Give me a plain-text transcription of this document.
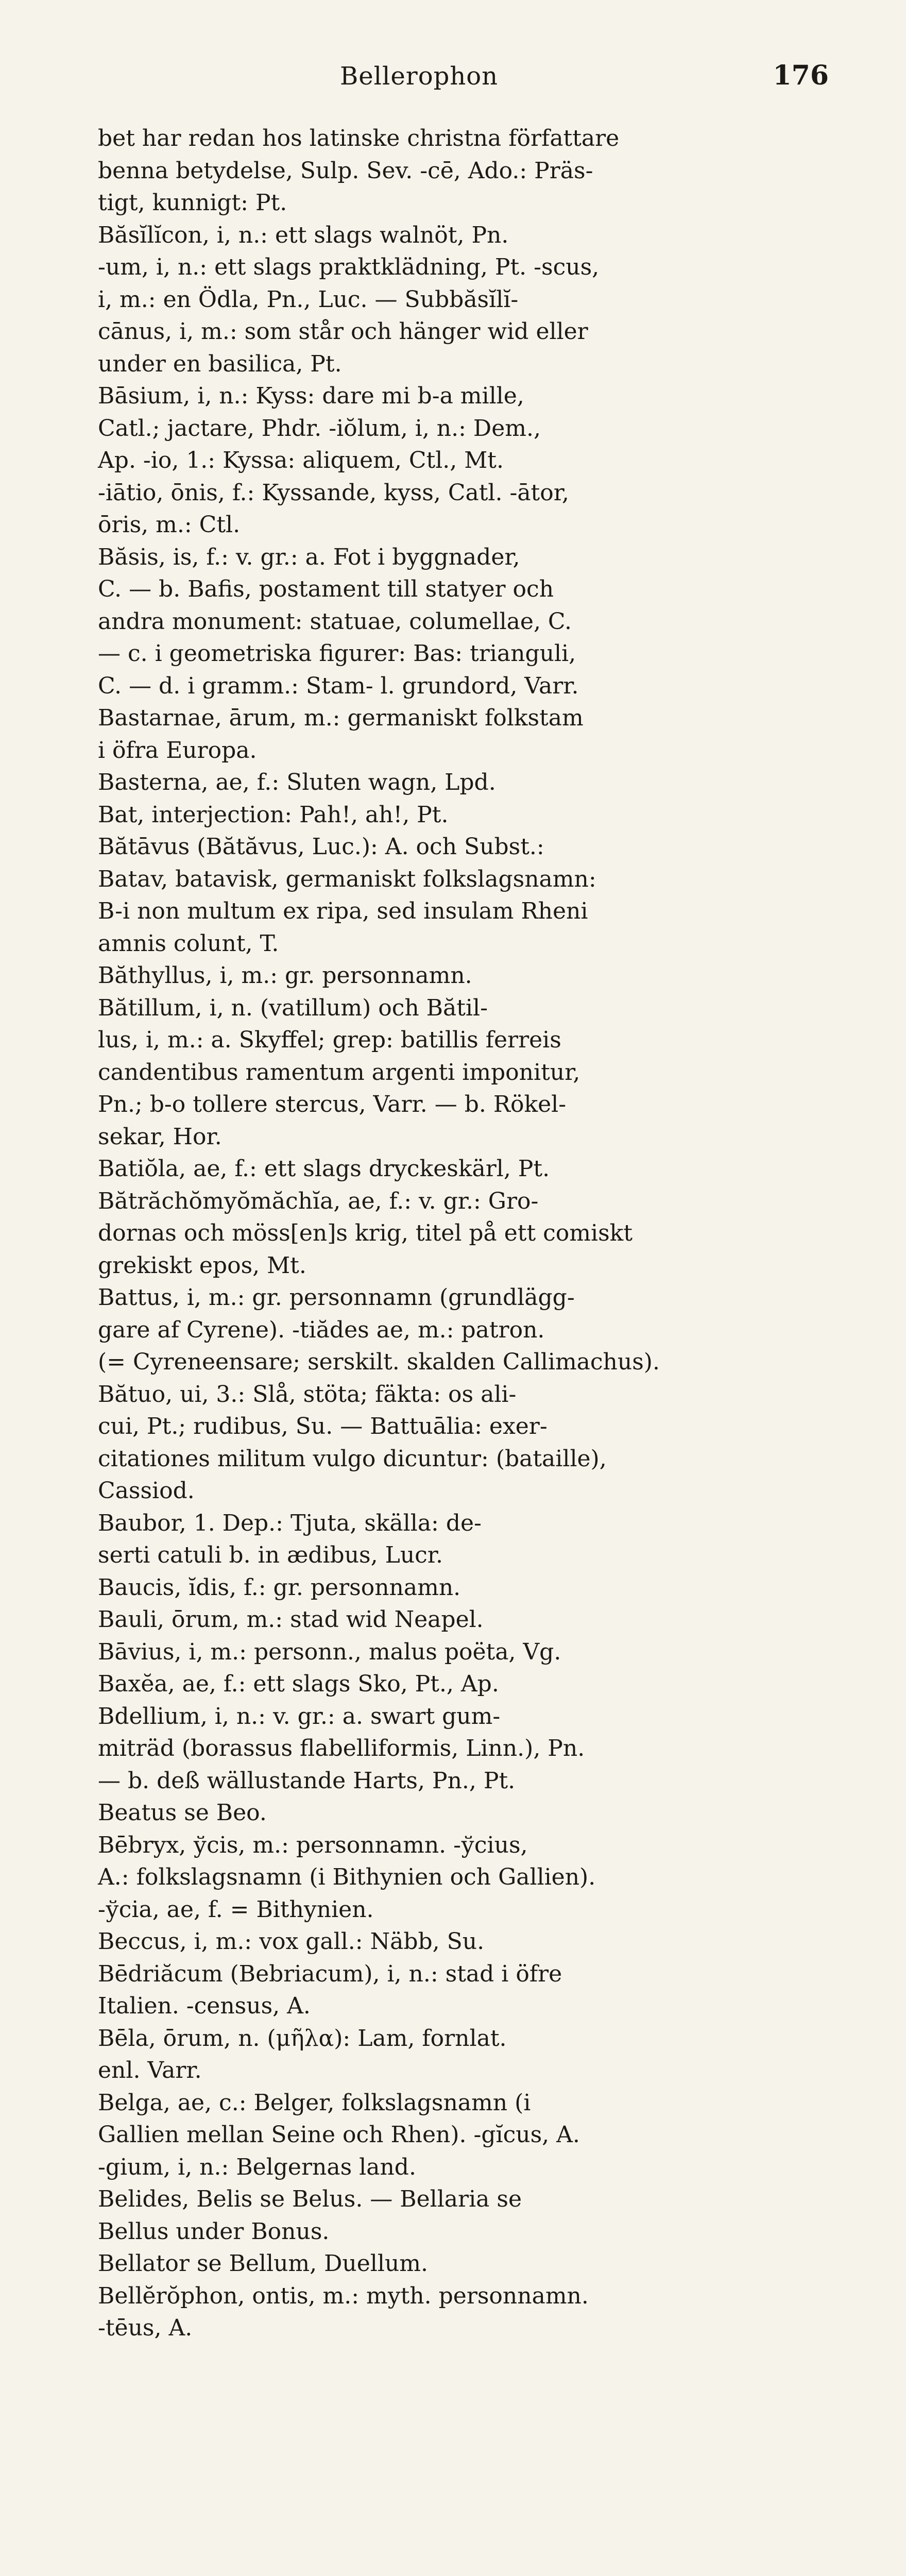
Bellerophon	176

bet har redan hos latinske christna författare
benna betydelse, Sulp. Sev. -cē, Ado.: Präs-
tigt, kunnigt: Pt.

Băsĭlĭcon, i, n.: ett slags walnöt, Pn.
-um, i, n.: ett slags praktklädning, Pt. -scus,
i, m.: en Ödla, Pn., Luc. — Subbăsĭlĭ-
cānus, i, m.: som står och hänger wid eller
under en basilica, Pt.

Bāsium, i, n.: Kyss: dare mi b-a mille,
Catl.; jactare, Phdr. -iŏlum, i, n.: Dem.,
Ap. -io, 1.: Kyssa: aliquem, Ctl., Mt.
-iātio, ōnis, f.: Kyssande, kyss, Catl. -ātor,
ōris, m.: Ctl.

Băsis, is, f.: v. gr.: a. Fot i byggnader,
C. — b. Bafis, postament till statyer och
andra monument: statuae, columellae, C.
— c. i geometriska figurer: Bas: trianguli,
C. — d. i gramm.: Stam- l. grundord, Varr.

Bastarnae, ārum, m.: germaniskt folkstam
i öfra Europa.

Basterna, ae, f.: Sluten wagn, Lpd.

Bat, interjection: Pah!, ah!, Pt.

Bătāvus (Bătăvus, Luc.): A. och Subst.:
Batav, batavisk, germaniskt folkslagsnamn:
B-i non multum ex ripa, sed insulam Rheni
amnis colunt, T.

Băthyllus, i, m.: gr. personnamn.

Bătillum, i, n. (vatillum) och Bătil-
lus, i, m.: a. Skyffel; grep: batillis ferreis
candentibus ramentum argenti imponitur,
Pn.; b-o tollere stercus, Varr. — b. Rökel-
sekar, Hor.

Batiŏla, ae, f.: ett slags dryckeskärl, Pt.

Bătrăchŏmyŏmăchĭa, ae, f.: v. gr.: Gro-
dornas och möss[en]s krig, titel på ett comiskt
grekiskt epos, Mt.

Battus, i, m.: gr. personnamn (grundlägg-
gare af Cyrene). -tiădes ae, m.: patron.
(= Cyreneensare; serskilt. skalden Callimachus).

Bătuo, ui, 3.: Slå, stöta; fäkta: os ali-
cui, Pt.; rudibus, Su. — Battuālia: exer-
citationes militum vulgo dicuntur: (bataille),
Cassiod.

Baubor, 1. Dep.: Tjuta, skälla: de-
serti catuli b. in ædibus, Lucr.

Baucis, ĭdis, f.: gr. personnamn.

Bauli, ōrum, m.: stad wid Neapel.

Bāvius, i, m.: personn., malus poëta, Vg.

Baxĕa, ae, f.: ett slags Sko, Pt., Ap.

Bdellium, i, n.: v. gr.: a. swart gum-
miträd (borassus flabelliformis, Linn.), Pn.
— b. deß wällustande Harts, Pn., Pt.

Beatus se Beo.

Bēbryx, ўcis, m.: personnamn. -ўcius,
A.: folkslagsnamn (i Bithynien och Gallien).
-ўcia, ae, f. = Bithynien.

Beccus, i, m.: vox gall.: Näbb, Su.

Bēdriăcum (Bebriacum), i, n.: stad i öfre
Italien. -census, A.

Bēla, ōrum, n. (μῆλα): Lam, fornlat.
enl. Varr.

Belga, ae, c.: Belger, folkslagsnamn (i
Gallien mellan Seine och Rhen). -gĭcus, A.
-gium, i, n.: Belgernas land.

Belides, Belis se Belus. — Bellaria se
Bellus under Bonus.

Bellator se Bellum, Duellum.

Bellĕrŏphon, ontis, m.: myth. personnamn.
-tēus, A.
